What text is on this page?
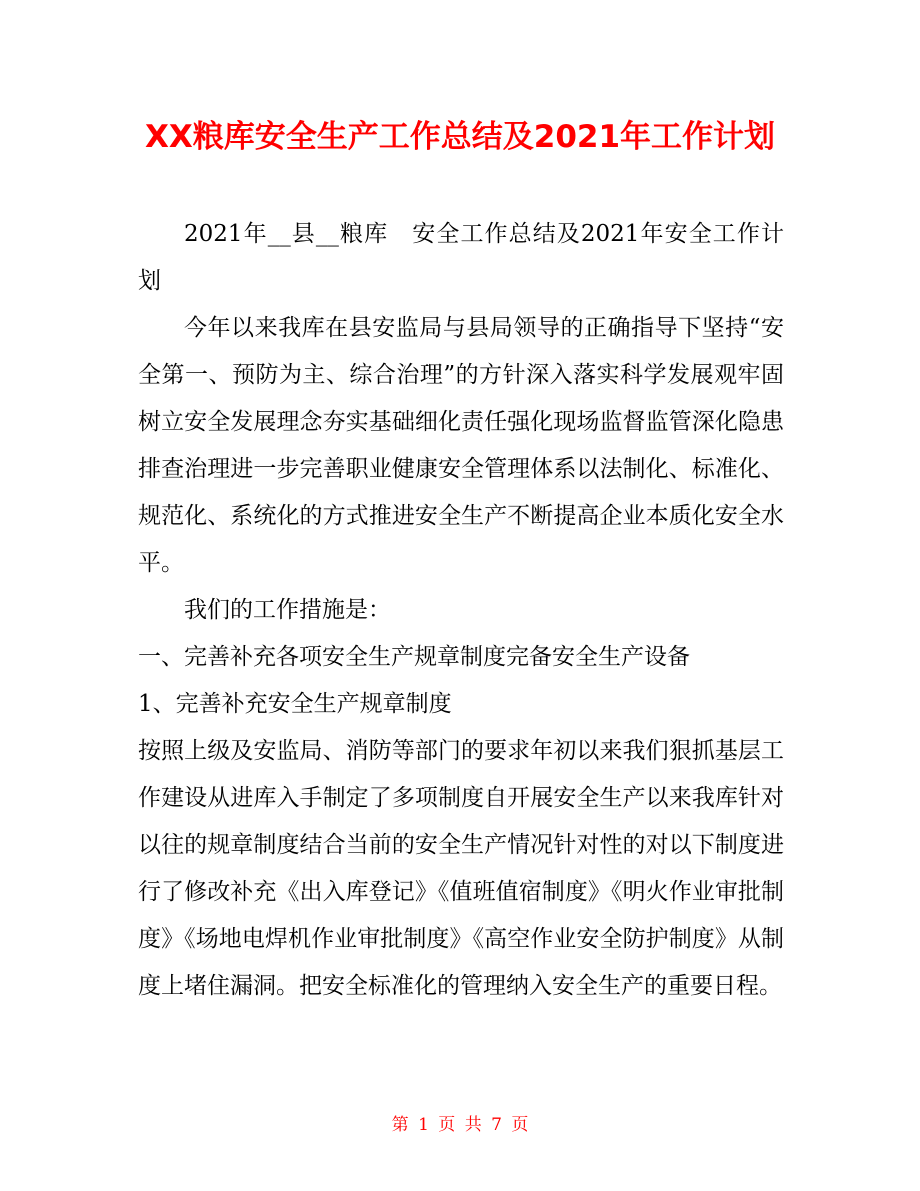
XX粮库安全生产工作总结及2021年工作计划

2021年__县__粮库　安全工作总结及2021年安全工作计划

今年以来我库在县安监局与县局领导的正确指导下坚持“安全第一、预防为主、综合治理”的方针深入落实科学发展观牢固树立安全发展理念夯实基础细化责任强化现场监督监管深化隐患排查治理进一步完善职业健康安全管理体系以法制化、标准化、规范化、系统化的方式推进安全生产不断提高企业本质化安全水平。

我们的工作措施是：

一、完善补充各项安全生产规章制度完备安全生产设备

1、完善补充安全生产规章制度

按照上级及安监局、消防等部门的要求年初以来我们狠抓基层工作建设从进库入手制定了多项制度自开展安全生产以来我库针对以往的规章制度结合当前的安全生产情况针对性的对以下制度进行了修改补充《出入库登记》《值班值宿制度》《明火作业审批制度》《场地电焊机作业审批制度》《高空作业安全防护制度》从制度上堵住漏洞。把安全标准化的管理纳入安全生产的重要日程。

第 1 页 共 7 页
